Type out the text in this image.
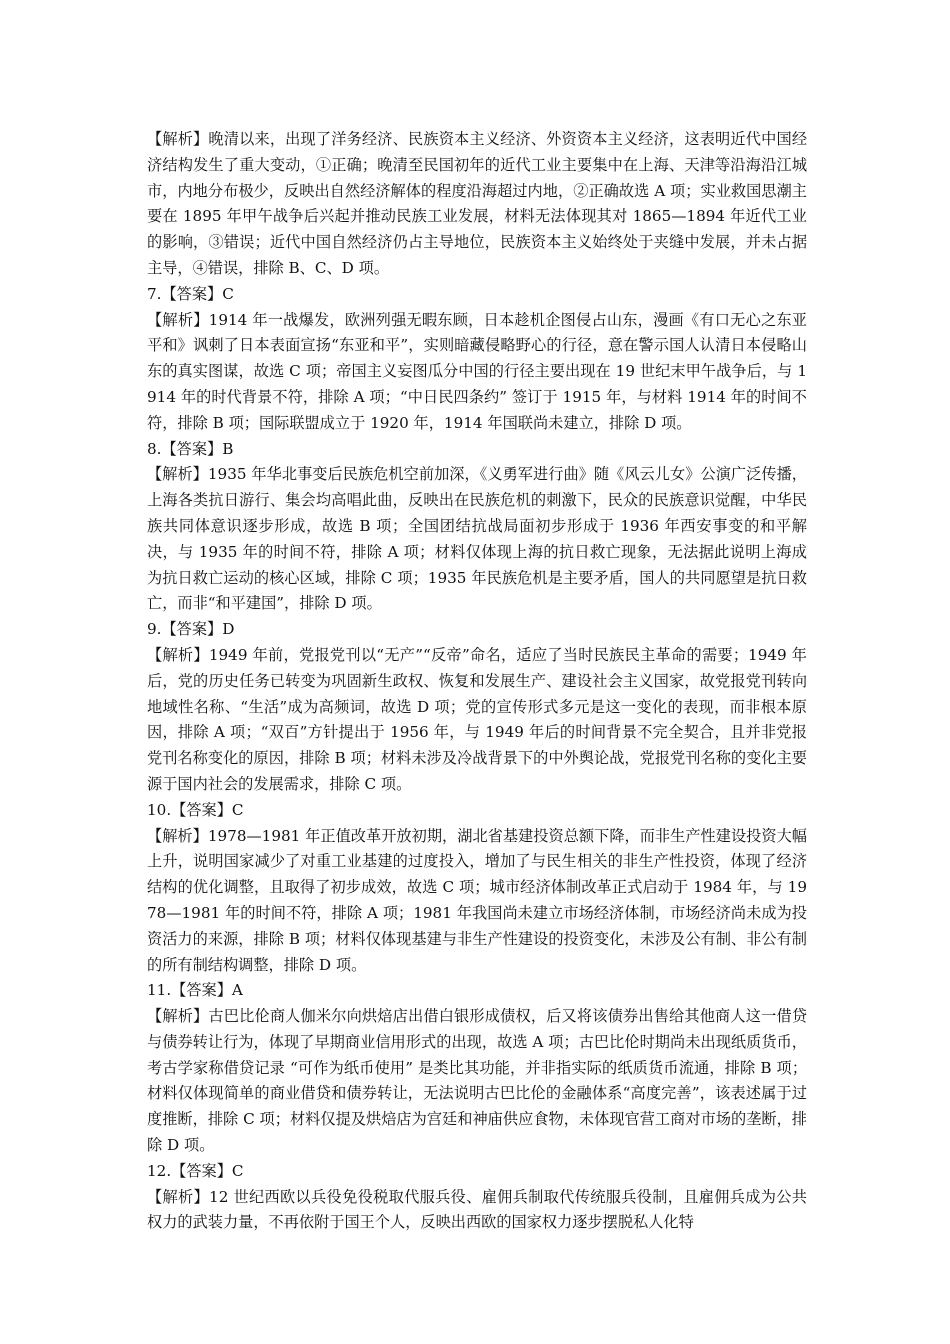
【解析】晚清以来，出现了洋务经济、民族资本主义经济、外资资本主义经济，这表明近代中国经济结构发生了重大变动，①正确；晚清至民国初年的近代工业主要集中在上海、天津等沿海沿江城市，内地分布极少，反映出自然经济解体的程度沿海超过内地，②正确故选 A 项；实业救国思潮主要在 1895 年甲午战争后兴起并推动民族工业发展，材料无法体现其对 1865—1894 年近代工业的影响，③错误；近代中国自然经济仍占主导地位，民族资本主义始终处于夹缝中发展，并未占据主导，④错误，排除 B、C、D 项。

7.【答案】C

【解析】1914 年一战爆发，欧洲列强无暇东顾，日本趁机企图侵占山东，漫画《有口无心之东亚平和》讽刺了日本表面宣扬“东亚和平”，实则暗藏侵略野心的行径，意在警示国人认清日本侵略山东的真实图谋，故选 C 项；帝国主义妄图瓜分中国的行径主要出现在 19 世纪末甲午战争后，与 1914 年的时代背景不符，排除 A 项；“中日民四条约” 签订于 1915 年，与材料 1914 年的时间不符，排除 B 项；国际联盟成立于 1920 年，1914 年国联尚未建立，排除 D 项。

8.【答案】B

【解析】1935 年华北事变后民族危机空前加深，《义勇军进行曲》随《风云儿女》公演广泛传播，上海各类抗日游行、集会均高唱此曲，反映出在民族危机的刺激下，民众的民族意识觉醒，中华民族共同体意识逐步形成，故选 B 项；全国团结抗战局面初步形成于 1936 年西安事变的和平解决，与 1935 年的时间不符，排除 A 项；材料仅体现上海的抗日救亡现象，无法据此说明上海成为抗日救亡运动的核心区域，排除 C 项；1935 年民族危机是主要矛盾，国人的共同愿望是抗日救亡，而非“和平建国”，排除 D 项。

9.【答案】D

【解析】1949 年前，党报党刊以“无产”“反帝”命名，适应了当时民族民主革命的需要；1949 年后，党的历史任务已转变为巩固新生政权、恢复和发展生产、建设社会主义国家，故党报党刊转向地域性名称、“生活”成为高频词，故选 D 项；党的宣传形式多元是这一变化的表现，而非根本原因，排除 A 项；“双百”方针提出于 1956 年，与 1949 年后的时间背景不完全契合，且并非党报党刊名称变化的原因，排除 B 项；材料未涉及冷战背景下的中外舆论战，党报党刊名称的变化主要源于国内社会的发展需求，排除 C 项。

10.【答案】C

【解析】1978—1981 年正值改革开放初期，湖北省基建投资总额下降，而非生产性建设投资大幅上升，说明国家减少了对重工业基建的过度投入，增加了与民生相关的非生产性投资，体现了经济结构的优化调整，且取得了初步成效，故选 C 项；城市经济体制改革正式启动于 1984 年，与 1978—1981 年的时间不符，排除 A 项；1981 年我国尚未建立市场经济体制，市场经济尚未成为投资活力的来源，排除 B 项；材料仅体现基建与非生产性建设的投资变化，未涉及公有制、非公有制的所有制结构调整，排除 D 项。

11.【答案】A

【解析】古巴比伦商人伽米尔向烘焙店出借白银形成债权，后又将该债券出售给其他商人这一借贷与债券转让行为，体现了早期商业信用形式的出现，故选 A 项；古巴比伦时期尚未出现纸质货币，考古学家称借贷记录 “可作为纸币使用” 是类比其功能，并非指实际的纸质货币流通，排除 B 项；材料仅体现简单的商业借贷和债券转让，无法说明古巴比伦的金融体系“高度完善”，该表述属于过度推断，排除 C 项；材料仅提及烘焙店为宫廷和神庙供应食物，未体现官营工商对市场的垄断，排除 D 项。

12.【答案】C

【解析】12 世纪西欧以兵役免役税取代服兵役、雇佣兵制取代传统服兵役制，且雇佣兵成为公共权力的武装力量，不再依附于国王个人，反映出西欧的国家权力逐步摆脱私人化特
